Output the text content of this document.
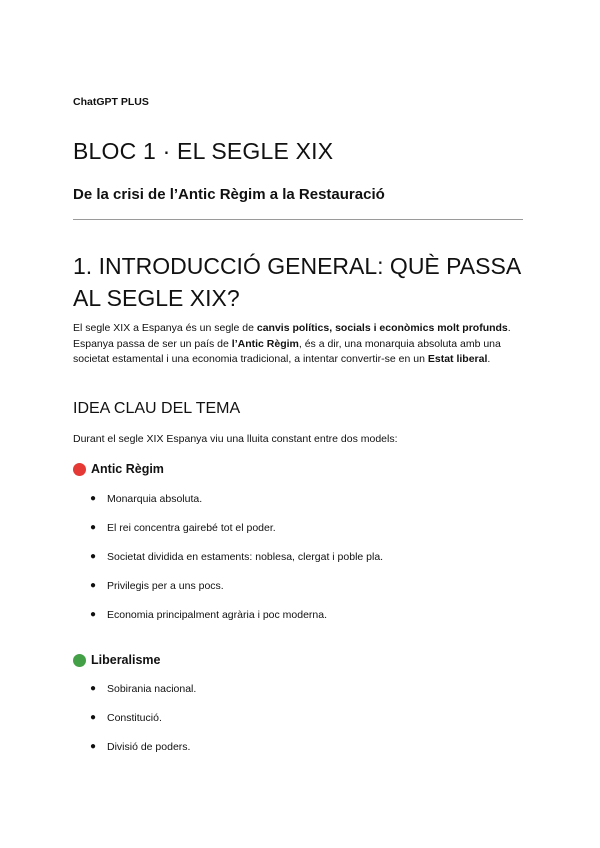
ChatGPT PLUS
BLOC 1 · EL SEGLE XIX
De la crisi de l’Antic Règim a la Restauració
1. INTRODUCCIÓ GENERAL: QUÈ PASSA AL SEGLE XIX?

El segle XIX a Espanya és un segle de canvis polítics, socials i econòmics molt profunds.
Espanya passa de ser un país de l’Antic Règim, és a dir, una monarquia absoluta amb una societat estamental i una economia tradicional, a intentar convertir-se en un Estat liberal.

IDEA CLAU DEL TEMA

Durant el segle XIX Espanya viu una lluita constant entre dos models:

Antic Règim
● Monarquia absoluta.
● El rei concentra gairebé tot el poder.
● Societat dividida en estaments: noblesa, clergat i poble pla.
● Privilegis per a uns pocs.
● Economia principalment agrària i poc moderna.
Liberalisme
● Sobirania nacional.
● Constitució.
● Divisió de poders.
